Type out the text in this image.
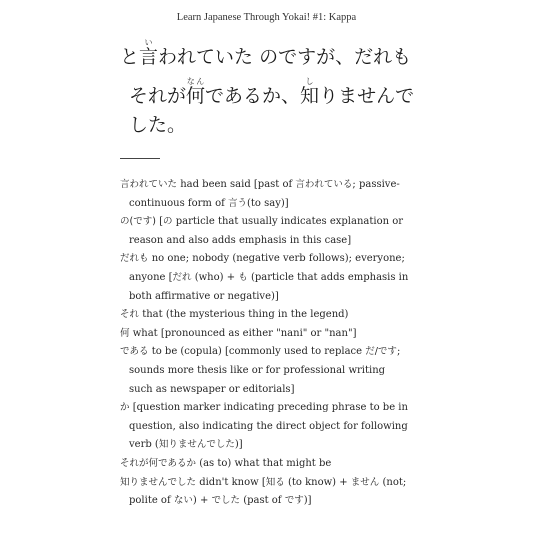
Learn Japanese Through Yokai! #1: Kappa
と言いわれていた のですが、だれも
それが何なんであるか、知しりませんで
した。
言われていた had been said [past of 言われている; passive-continuous form of 言う(to say)]
の(です) [の particle that usually indicates explanation or reason and also adds emphasis in this case]
だれも no one; nobody (negative verb follows); everyone; anyone [だれ (who) + も (particle that adds emphasis in both affirmative or negative)]
それ that (the mysterious thing in the legend)
何 what [pronounced as either "nani" or "nan"]
である to be (copula) [commonly used to replace だ/です; sounds more thesis like or for professional writing such as newspaper or editorials]
か [question marker indicating preceding phrase to be in question, also indicating the direct object for following verb (知りませんでした)]
それが何であるか (as to) what that might be
知りませんでした didn't know [知る (to know) + ません (not; polite of ない) + でした (past of です)]
